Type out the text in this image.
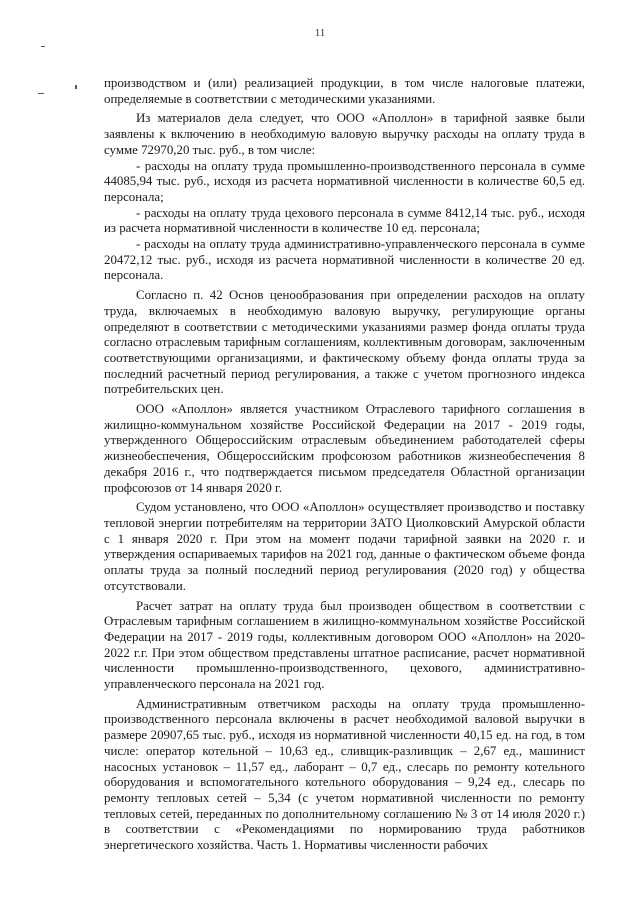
11

производством и (или) реализацией продукции, в том числе налоговые платежи, определяемые в соответствии с методическими указаниями.

Из материалов дела следует, что ООО «Аполлон» в тарифной заявке были заявлены к включению в необходимую валовую выручку расходы на оплату труда в сумме 72970,20 тыс. руб., в том числе:

- расходы на оплату труда промышленно-производственного персонала в сумме 44085,94 тыс. руб., исходя из расчета нормативной численности в количестве 60,5 ед. персонала;

- расходы на оплату труда цехового персонала в сумме 8412,14 тыс. руб., исходя из расчета нормативной численности в количестве 10 ед. персонала;

- расходы на оплату труда административно-управленческого персонала в сумме 20472,12 тыс. руб., исходя из расчета нормативной численности в количестве 20 ед. персонала.

Согласно п. 42 Основ ценообразования при определении расходов на оплату труда, включаемых в необходимую валовую выручку, регулирующие органы определяют в соответствии с методическими указаниями размер фонда оплаты труда согласно отраслевым тарифным соглашениям, коллективным договорам, заключенным соответствующими организациями, и фактическому объему фонда оплаты труда за последний расчетный период регулирования, а также с учетом прогнозного индекса потребительских цен.

ООО «Аполлон» является участником Отраслевого тарифного соглашения в жилищно-коммунальном хозяйстве Российской Федерации на 2017 - 2019 годы, утвержденного Общероссийским отраслевым объединением работодателей сферы жизнеобеспечения, Общероссийским профсоюзом работников жизнеобеспечения 8 декабря 2016 г., что подтверждается письмом председателя Областной организации профсоюзов от 14 января 2020 г.

Судом установлено, что ООО «Аполлон» осуществляет производство и поставку тепловой энергии потребителям на территории ЗАТО Циолковский Амурской области с 1 января 2020 г. При этом на момент подачи тарифной заявки на 2020 г. и утверждения оспариваемых тарифов на 2021 год, данные о фактическом объеме фонда оплаты труда за полный последний период регулирования (2020 год) у общества отсутствовали.

Расчет затрат на оплату труда был производен обществом в соответствии с Отраслевым тарифным соглашением в жилищно-коммунальном хозяйстве Российской Федерации на 2017 - 2019 годы, коллективным договором ООО «Аполлон» на 2020-2022 г.г. При этом обществом представлены штатное расписание, расчет нормативной численности промышленно-производственного, цехового, административно-управленческого персонала на 2021 год.

Административным ответчиком расходы на оплату труда промышленно-производственного персонала включены в расчет необходимой валовой выручки в размере 20907,65 тыс. руб., исходя из нормативной численности 40,15 ед. на год, в том числе: оператор котельной – 10,63 ед., сливщик-разливщик – 2,67 ед., машинист насосных установок – 11,57 ед., лаборант – 0,7 ед., слесарь по ремонту котельного оборудования и вспомогательного котельного оборудования – 9,24 ед., слесарь по ремонту тепловых сетей – 5,34 (с учетом нормативной численности по ремонту тепловых сетей, переданных по дополнительному соглашению № 3 от 14 июля 2020 г.) в соответствии с «Рекомендациями по нормированию труда работников энергетического хозяйства. Часть 1. Нормативы численности рабочих
